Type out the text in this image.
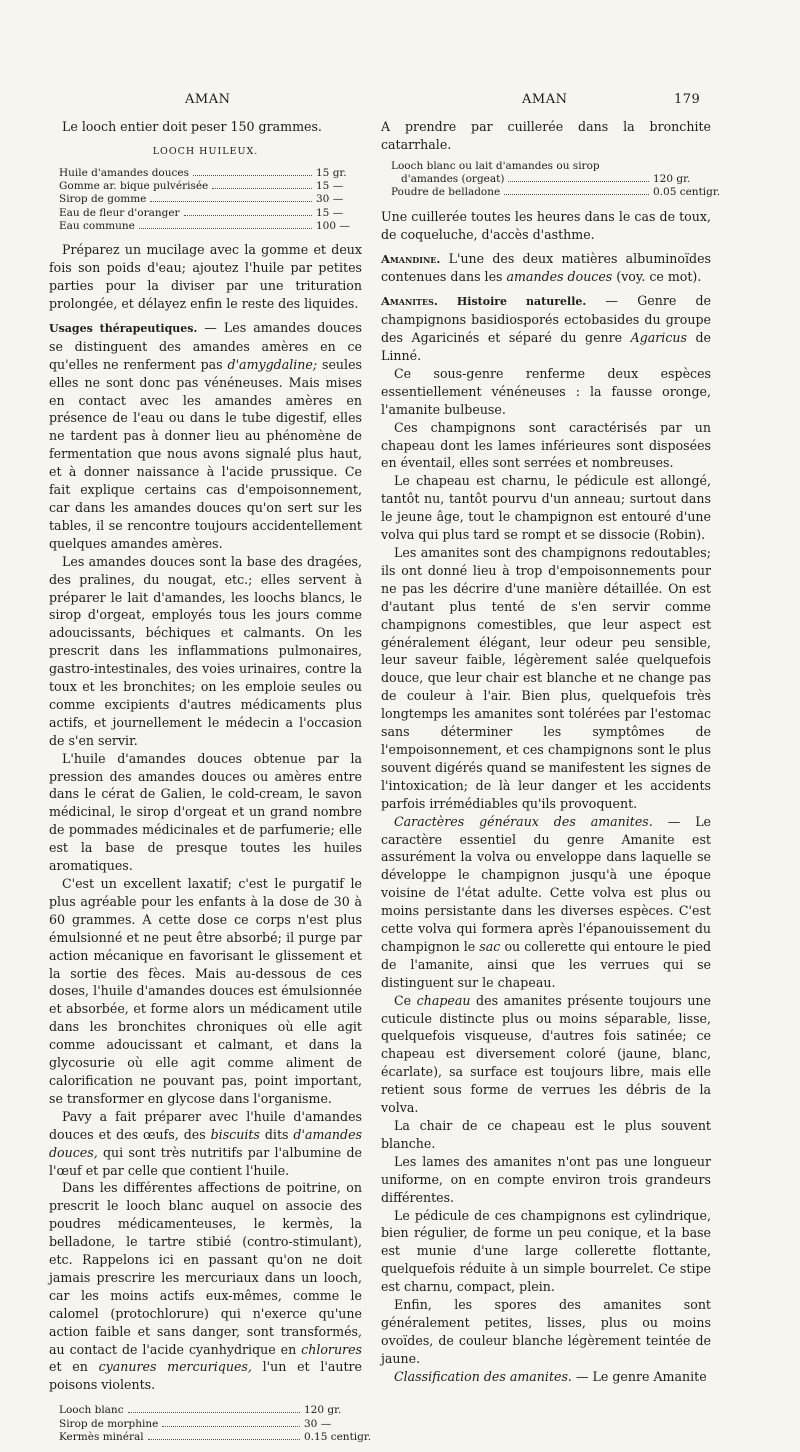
AMAN	AMAN	179

Le looch entier doit peser 150 grammes.

LOOCH HUILEUX.
Huile d'amandes douces	15 gr.
Gomme ar. bique pulvérisée	15 —
Sirop de gomme	30 —
Eau de fleur d'oranger	15 —
Eau commune	100 —

Préparez un mucilage avec la gomme et deux fois son poids d'eau; ajoutez l'huile par petites parties pour la diviser par une trituration prolongée, et délayez enfin le reste des liquides.

Usages thérapeutiques. — Les amandes douces se distinguent des amandes amères en ce qu'elles ne renferment pas d'amygdaline; seules elles ne sont donc pas vénéneuses. Mais mises en contact avec les amandes amères en présence de l'eau ou dans le tube digestif, elles ne tardent pas à donner lieu au phénomène de fermentation que nous avons signalé plus haut, et à donner naissance à l'acide prussique. Ce fait explique certains cas d'empoisonnement, car dans les amandes douces qu'on sert sur les tables, il se rencontre toujours accidentellement quelques amandes amères.

Les amandes douces sont la base des dragées, des pralines, du nougat, etc.; elles servent à préparer le lait d'amandes, les loochs blancs, le sirop d'orgeat, employés tous les jours comme adoucissants, béchiques et calmants. On les prescrit dans les inflammations pulmonaires, gastro-intestinales, des voies urinaires, contre la toux et les bronchites; on les emploie seules ou comme excipients d'autres médicaments plus actifs, et journellement le médecin a l'occasion de s'en servir.

L'huile d'amandes douces obtenue par la pression des amandes douces ou amères entre dans le cérat de Galien, le cold-cream, le savon médicinal, le sirop d'orgeat et un grand nombre de pommades médicinales et de parfumerie; elle est la base de presque toutes les huiles aromatiques.

C'est un excellent laxatif; c'est le purgatif le plus agréable pour les enfants à la dose de 30 à 60 grammes. A cette dose ce corps n'est plus émulsionné et ne peut être absorbé; il purge par action mécanique en favorisant le glissement et la sortie des fèces. Mais au-dessous de ces doses, l'huile d'amandes douces est émulsionnée et absorbée, et forme alors un médicament utile dans les bronchites chroniques où elle agit comme adoucissant et calmant, et dans la glycosurie où elle agit comme aliment de calorification ne pouvant pas, point important, se transformer en glycose dans l'organisme.

Pavy a fait préparer avec l'huile d'amandes douces et des œufs, des biscuits dits d'amandes douces, qui sont très nutritifs par l'albumine de l'œuf et par celle que contient l'huile.

Dans les différentes affections de poitrine, on prescrit le looch blanc auquel on associe des poudres médicamenteuses, le kermès, la belladone, le tartre stibié (contro-stimulant), etc. Rappelons ici en passant qu'on ne doit jamais prescrire les mercuriaux dans un looch, car les moins actifs eux-mêmes, comme le calomel (protochlorure) qui n'exerce qu'une action faible et sans danger, sont transformés, au contact de l'acide cyanhydrique en chlorures et en cyanures mercuriques, l'un et l'autre poisons violents.

Looch blanc	120 gr.
Sirop de morphine	30 —
Kermès minéral	0.15 centigr.

A prendre par cuillerée dans la bronchite catarrhale.

Looch blanc ou lait d'amandes ou sirop
d'amandes (orgeat)	120 gr.
Poudre de belladone	0.05 centigr.

Une cuillerée toutes les heures dans le cas de toux, de coqueluche, d'accès d'asthme.

Amandine. L'une des deux matières albuminoïdes contenues dans les amandes douces (voy. ce mot).

Amanites. Histoire naturelle. — Genre de champignons basidiosporés ectobasides du groupe des Agaricinés et séparé du genre Agaricus de Linné.

Ce sous-genre renferme deux espèces essentiellement vénéneuses : la fausse oronge, l'amanite bulbeuse.

Ces champignons sont caractérisés par un chapeau dont les lames inférieures sont disposées en éventail, elles sont serrées et nombreuses.

Le chapeau est charnu, le pédicule est allongé, tantôt nu, tantôt pourvu d'un anneau; surtout dans le jeune âge, tout le champignon est entouré d'une volva qui plus tard se rompt et se dissocie (Robin).

Les amanites sont des champignons redoutables; ils ont donné lieu à trop d'empoisonnements pour ne pas les décrire d'une manière détaillée. On est d'autant plus tenté de s'en servir comme champignons comestibles, que leur aspect est généralement élégant, leur odeur peu sensible, leur saveur faible, légèrement salée quelquefois douce, que leur chair est blanche et ne change pas de couleur à l'air. Bien plus, quelquefois très longtemps les amanites sont tolérées par l'estomac sans déterminer les symptômes de l'empoisonnement, et ces champignons sont le plus souvent digérés quand se manifestent les signes de l'intoxication; de là leur danger et les accidents parfois irrémédiables qu'ils provoquent.

Caractères généraux des amanites. — Le caractère essentiel du genre Amanite est assurément la volva ou enveloppe dans laquelle se développe le champignon jusqu'à une époque voisine de l'état adulte. Cette volva est plus ou moins persistante dans les diverses espèces. C'est cette volva qui formera après l'épanouissement du champignon le sac ou collerette qui entoure le pied de l'amanite, ainsi que les verrues qui se distinguent sur le chapeau.

Ce chapeau des amanites présente toujours une cuticule distincte plus ou moins séparable, lisse, quelquefois visqueuse, d'autres fois satinée; ce chapeau est diversement coloré (jaune, blanc, écarlate), sa surface est toujours libre, mais elle retient sous forme de verrues les débris de la volva.

La chair de ce chapeau est le plus souvent blanche.

Les lames des amanites n'ont pas une longueur uniforme, on en compte environ trois grandeurs différentes.

Le pédicule de ces champignons est cylindrique, bien régulier, de forme un peu conique, et la base est munie d'une large collerette flottante, quelquefois réduite à un simple bourrelet. Ce stipe est charnu, compact, plein.

Enfin, les spores des amanites sont généralement petites, lisses, plus ou moins ovoïdes, de couleur blanche légèrement teintée de jaune.

Classification des amanites. — Le genre Amanite
